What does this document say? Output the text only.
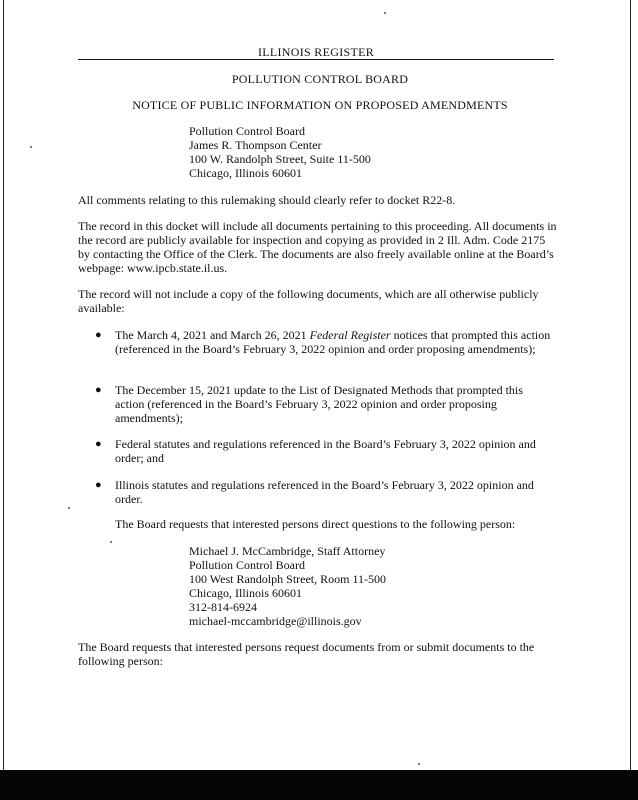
ILLINOIS REGISTER
POLLUTION CONTROL BOARD
NOTICE OF PUBLIC INFORMATION ON PROPOSED AMENDMENTS
Pollution Control Board
James R. Thompson Center
100 W. Randolph Street, Suite 11-500
Chicago, Illinois 60601

All comments relating to this rulemaking should clearly refer to docket R22-8.

The record in this docket will include all documents pertaining to this proceeding. All documents in the record are publicly available for inspection and copying as provided in 2 Ill. Adm. Code 2175 by contacting the Office of the Clerk. The documents are also freely available online at the Board’s webpage: www.ipcb.state.il.us.

The record will not include a copy of the following documents, which are all otherwise publicly available:

● The March 4, 2021 and March 26, 2021 Federal Register notices that prompted this action (referenced in the Board’s February 3, 2022 opinion and order proposing amendments);
● The December 15, 2021 update to the List of Designated Methods that prompted this action (referenced in the Board’s February 3, 2022 opinion and order proposing amendments);
● Federal statutes and regulations referenced in the Board’s February 3, 2022 opinion and order; and
● Illinois statutes and regulations referenced in the Board’s February 3, 2022 opinion and order.

The Board requests that interested persons direct questions to the following person:

Michael J. McCambridge, Staff Attorney
Pollution Control Board
100 West Randolph Street, Room 11-500
Chicago, Illinois 60601
312-814-6924
michael-mccambridge@illinois.gov

The Board requests that interested persons request documents from or submit documents to the following person:
